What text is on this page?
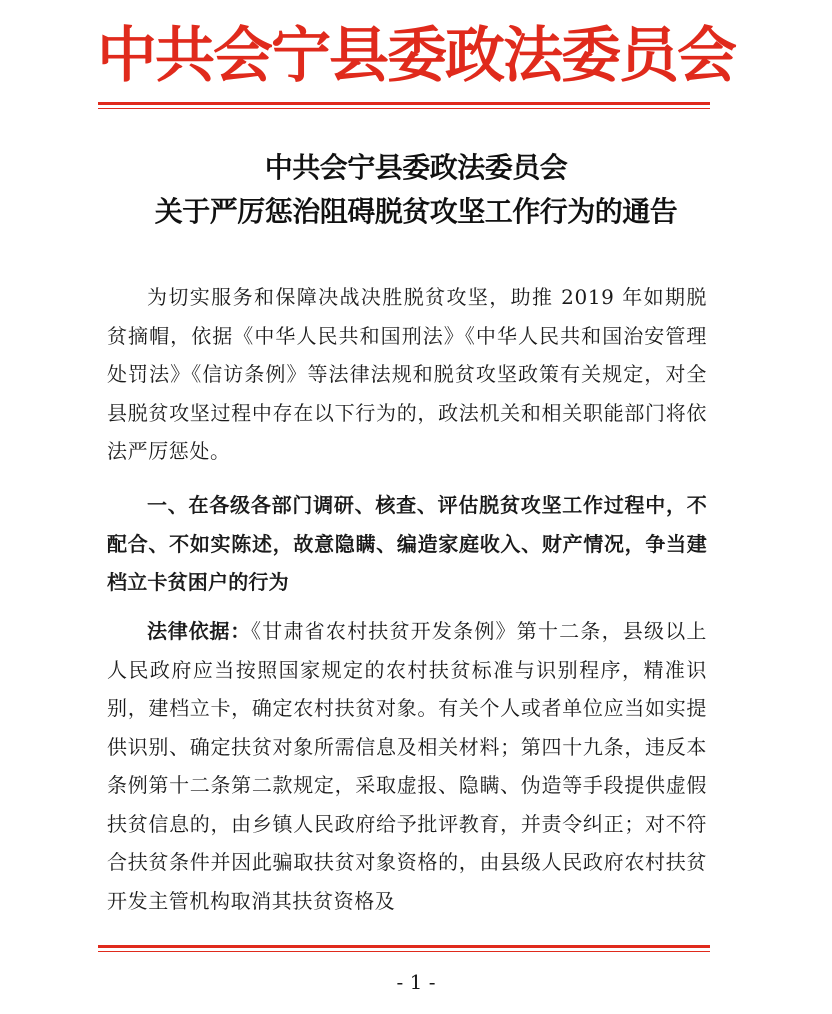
中共会宁县委政法委员会
中共会宁县委政法委员会
关于严厉惩治阻碍脱贫攻坚工作行为的通告
为切实服务和保障决战决胜脱贫攻坚，助推 2019 年如期脱贫摘帽，依据《中华人民共和国刑法》《中华人民共和国治安管理处罚法》《信访条例》等法律法规和脱贫攻坚政策有关规定，对全县脱贫攻坚过程中存在以下行为的，政法机关和相关职能部门将依法严厉惩处。
一、在各级各部门调研、核查、评估脱贫攻坚工作过程中，不配合、不如实陈述，故意隐瞒、编造家庭收入、财产情况，争当建档立卡贫困户的行为
法律依据：《甘肃省农村扶贫开发条例》第十二条，县级以上人民政府应当按照国家规定的农村扶贫标准与识别程序，精准识别，建档立卡，确定农村扶贫对象。有关个人或者单位应当如实提供识别、确定扶贫对象所需信息及相关材料；第四十九条，违反本条例第十二条第二款规定，采取虚报、隐瞒、伪造等手段提供虚假扶贫信息的，由乡镇人民政府给予批评教育，并责令纠正；对不符合扶贫条件并因此骗取扶贫对象资格的，由县级人民政府农村扶贫开发主管机构取消其扶贫资格及
- 1 -
